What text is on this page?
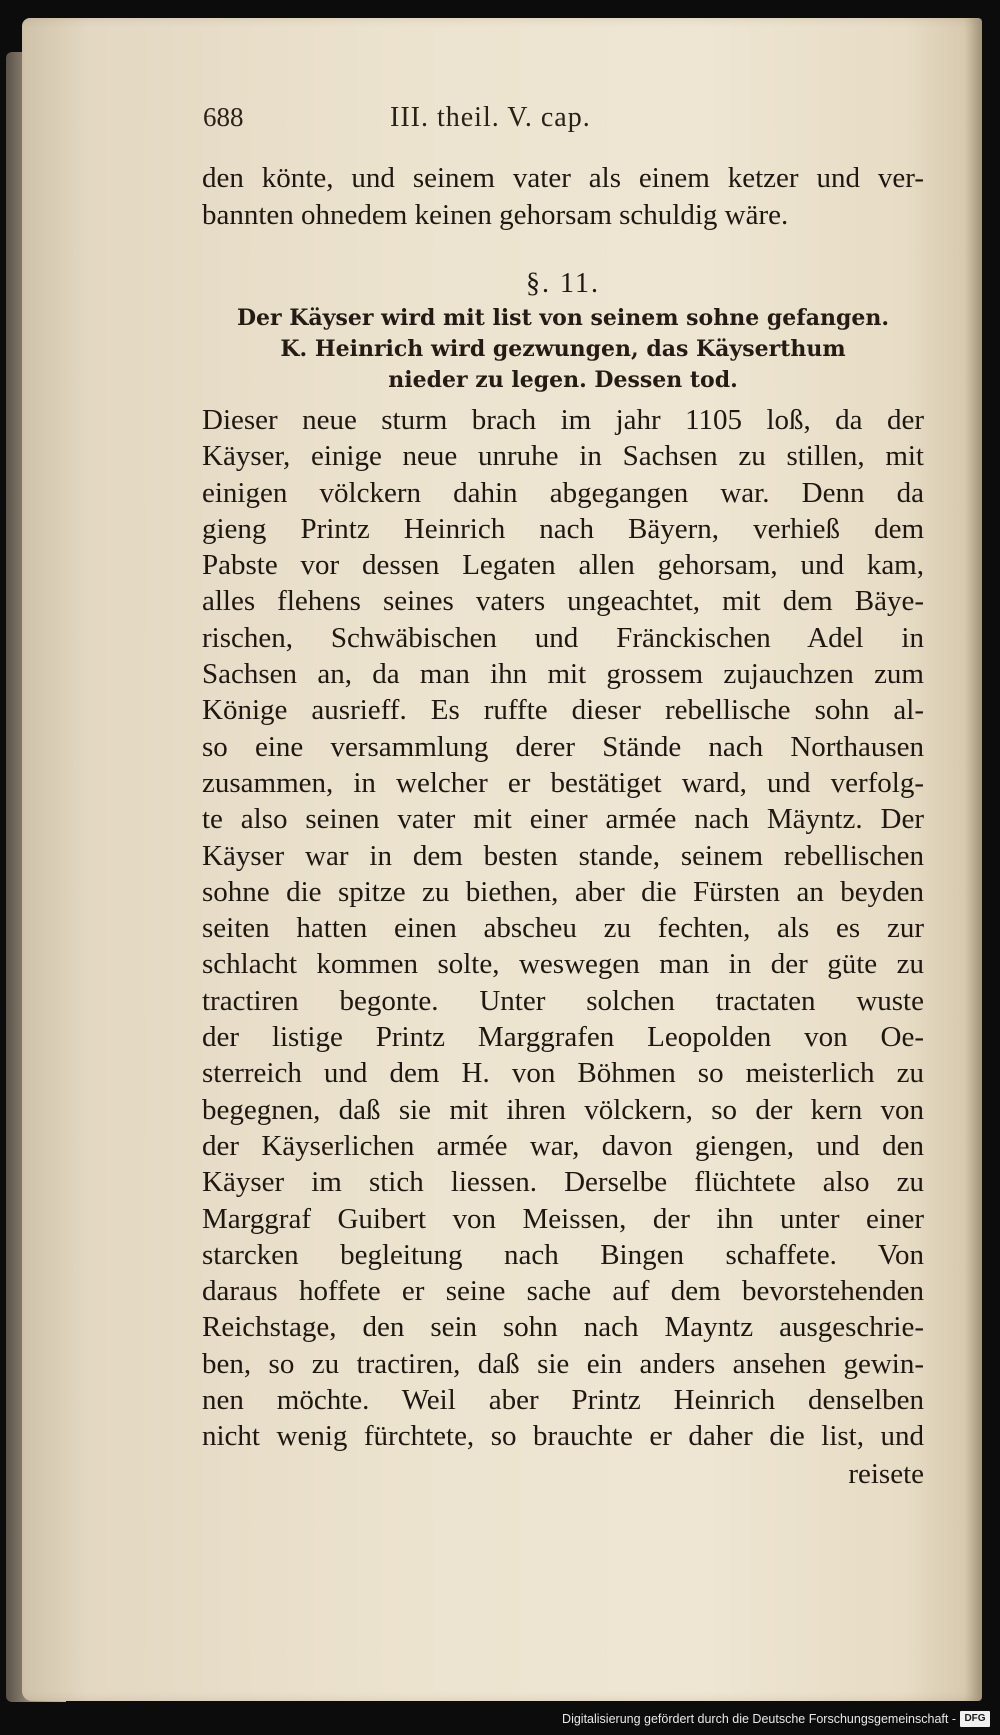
688	III. theil. V. cap.
den könte, und seinem vater als einem ketzer und ver-
bannten ohnedem keinen gehorsam schuldig wäre.
§. 11.
Der Käyser wird mit list von seinem sohne gefangen.
K. Heinrich wird gezwungen, das Käyserthum
nieder zu legen. Dessen tod.
Dieser neue sturm brach im jahr 1105 loß, da der
Käyser, einige neue unruhe in Sachsen zu stillen, mit
einigen völckern dahin abgegangen war. Denn da
gieng Printz Heinrich nach Bäyern, verhieß dem
Pabste vor dessen Legaten allen gehorsam, und kam,
alles flehens seines vaters ungeachtet, mit dem Bäye-
rischen, Schwäbischen und Fränckischen Adel in
Sachsen an, da man ihn mit grossem zujauchzen zum
Könige ausrieff. Es ruffte dieser rebellische sohn al-
so eine versammlung derer Stände nach Northausen
zusammen, in welcher er bestätiget ward, und verfolg-
te also seinen vater mit einer armée nach Mäyntz. Der
Käyser war in dem besten stande, seinem rebellischen
sohne die spitze zu biethen, aber die Fürsten an beyden
seiten hatten einen abscheu zu fechten, als es zur
schlacht kommen solte, weswegen man in der güte zu
tractiren begonte. Unter solchen tractaten wuste
der listige Printz Marggrafen Leopolden von Oe-
sterreich und dem H. von Böhmen so meisterlich zu
begegnen, daß sie mit ihren völckern, so der kern von
der Käyserlichen armée war, davon giengen, und den
Käyser im stich liessen. Derselbe flüchtete also zu
Marggraf Guibert von Meissen, der ihn unter einer
starcken begleitung nach Bingen schaffete. Von
daraus hoffete er seine sache auf dem bevorstehenden
Reichstage, den sein sohn nach Mayntz ausgeschrie-
ben, so zu tractiren, daß sie ein anders ansehen gewin-
nen möchte. Weil aber Printz Heinrich denselben
nicht wenig fürchtete, so brauchte er daher die list, und
reisete
Digitalisierung gefördert durch die Deutsche Forschungsgemeinschaft - DFG
